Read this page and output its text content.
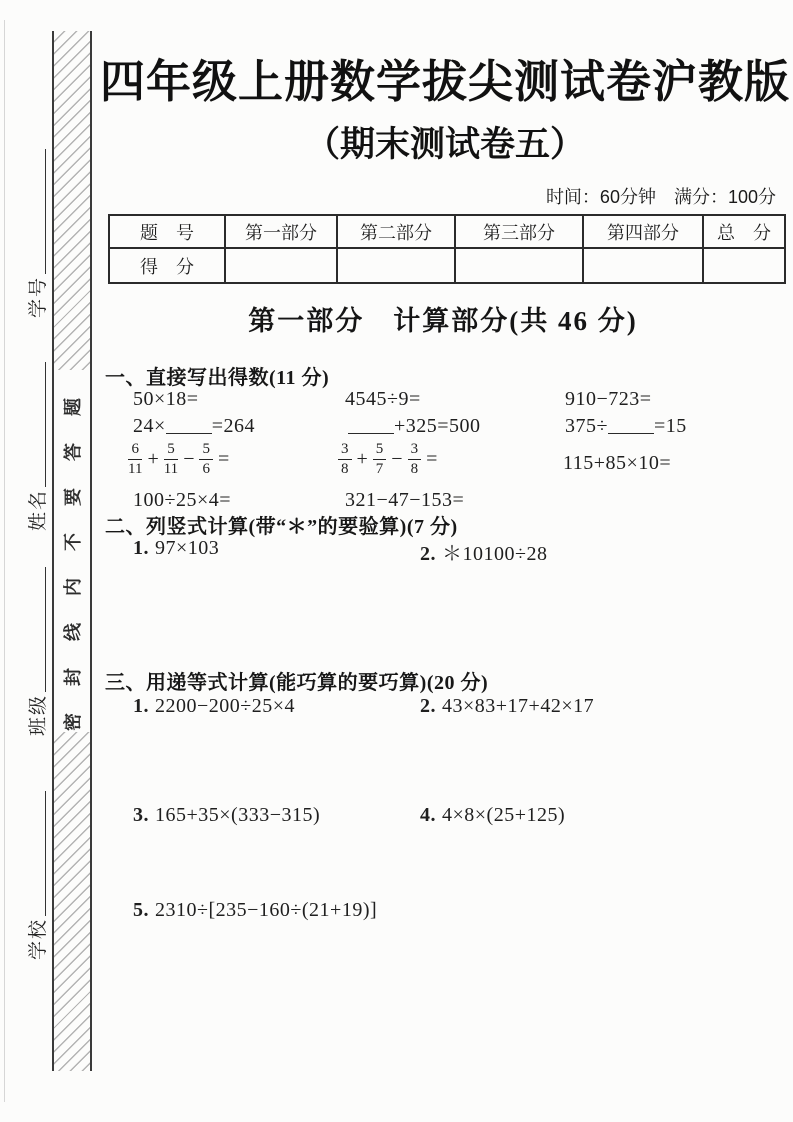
密封线内不要答题
学号
姓名
班级
学校
四年级上册数学拔尖测试卷沪教版
（期末测试卷五）
时间：60分钟　满分：100分
题　号	第一部分	第二部分	第三部分	第四部分	总　分
得　分					
第一部分　计算部分(共 46 分)
一、直接写出得数(11 分)
50×18=	4545÷9=	910−723=
24× =264	+325=500	375÷ =15
$\frac{6}{11} + \frac{5}{11} - \frac{5}{6}$ =	$\frac{3}{8} + \frac{5}{7} - \frac{3}{8}$ =	115+85×10=
100÷25×4=	321−47−153=
二、列竖式计算(带“＊”的要验算)(7 分)
1. 97×103	2. ＊10100÷28
三、用递等式计算(能巧算的要巧算)(20 分)
1. 2200−200÷25×4	2. 43×83+17+42×17
3. 165+35×(333−315)	4. 4×8×(25+125)
5. 2310÷[235−160÷(21+19)]
